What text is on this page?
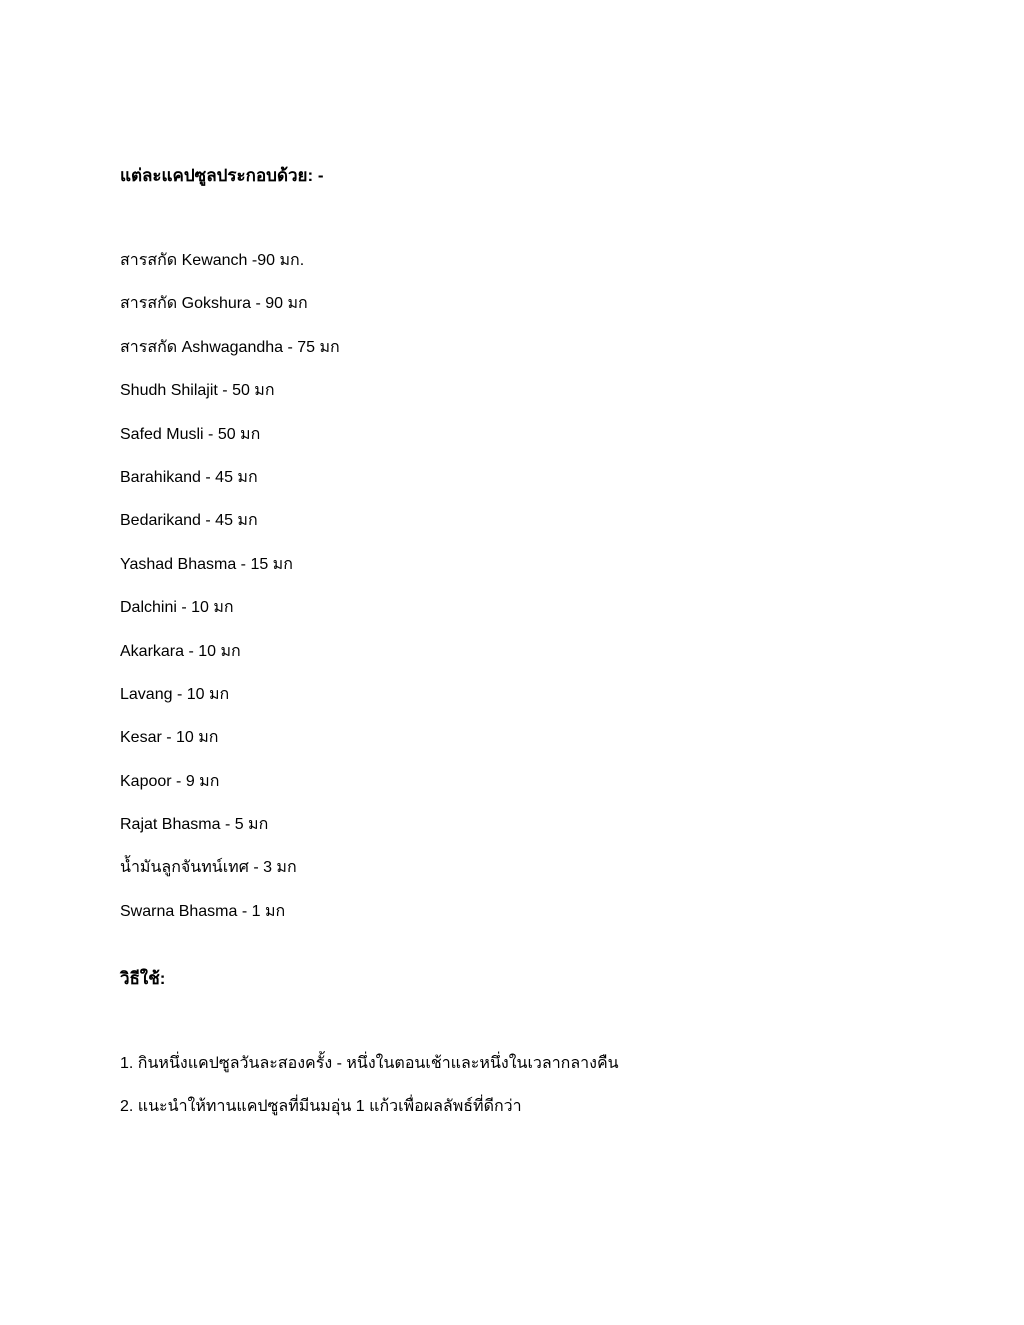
แต่ละแคปซูลประกอบด้วย: -

สารสกัด Kewanch -90 มก.
สารสกัด Gokshura - 90 มก
สารสกัด Ashwagandha - 75 มก
Shudh Shilajit - 50 มก
Safed Musli - 50 มก
Barahikand - 45 มก
Bedarikand - 45 มก
Yashad Bhasma - 15 มก
Dalchini - 10 มก
Akarkara - 10 มก
Lavang - 10 มก
Kesar - 10 มก
Kapoor - 9 มก
Rajat Bhasma - 5 มก
น้ำมันลูกจันทน์เทศ - 3 มก
Swarna Bhasma - 1 มก

วิธีใช้:

1. กินหนึ่งแคปซูลวันละสองครั้ง - หนึ่งในตอนเช้าและหนึ่งในเวลากลางคืน
2. แนะนำให้ทานแคปซูลที่มีนมอุ่น 1 แก้วเพื่อผลลัพธ์ที่ดีกว่า
